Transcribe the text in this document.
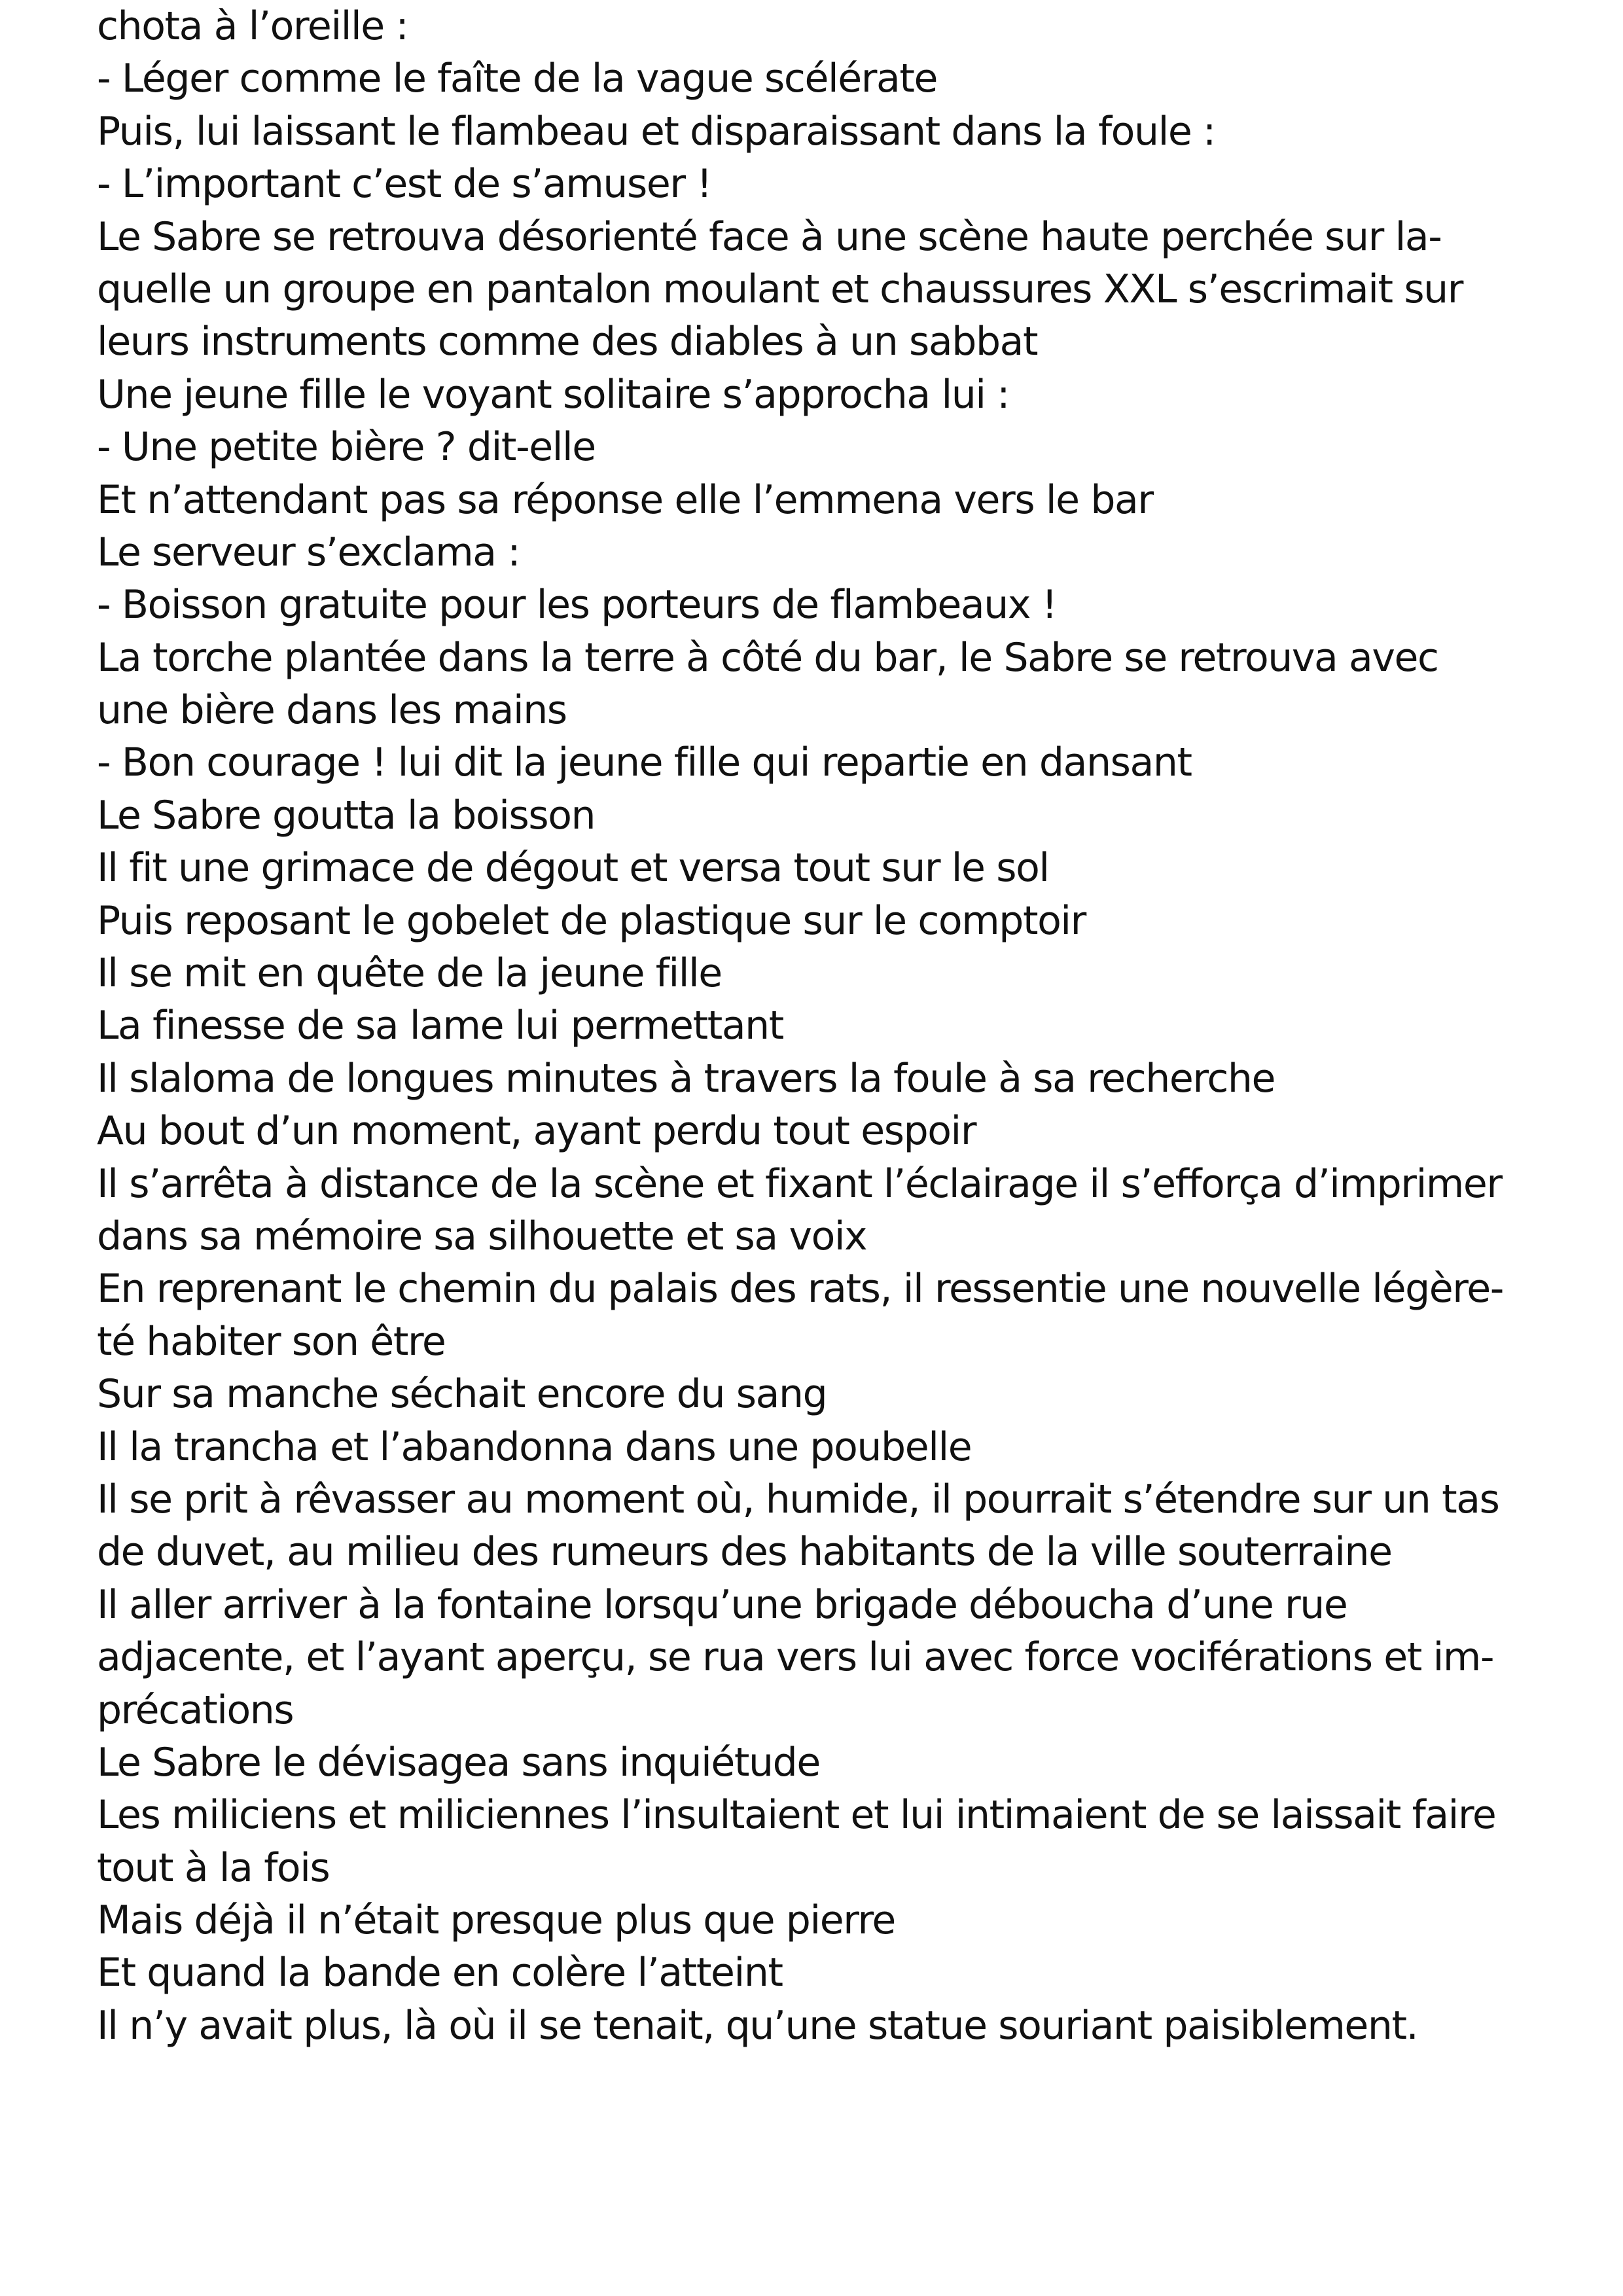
chota à l’oreille :
- Léger comme le faîte de la vague scélérate
Puis, lui laissant le flambeau et disparaissant dans la foule :
- L’important c’est de s’amuser !
Le Sabre se retrouva désorienté face à une scène haute perchée sur la-
quelle un groupe en pantalon moulant et chaussures XXL s’escrimait sur
leurs instruments comme des diables à un sabbat
Une jeune fille le voyant solitaire s’approcha lui :
- Une petite bière ? dit-elle
Et n’attendant pas sa réponse elle l’emmena vers le bar
Le serveur s’exclama :
- Boisson gratuite pour les porteurs de flambeaux !
La torche plantée dans la terre à côté du bar, le Sabre se retrouva avec
une bière dans les mains
- Bon courage ! lui dit la jeune fille qui repartie en dansant
Le Sabre goutta la boisson
Il fit une grimace de dégout et versa tout sur le sol
Puis reposant le gobelet de plastique sur le comptoir
Il se mit en quête de la jeune fille
La finesse de sa lame lui permettant
Il slaloma de longues minutes à travers la foule à sa recherche
Au bout d’un moment, ayant perdu tout espoir
Il s’arrêta à distance de la scène et fixant l’éclairage il s’efforça d’imprimer
dans sa mémoire sa silhouette et sa voix
En reprenant le chemin du palais des rats, il ressentie une nouvelle légère-
té habiter son être
Sur sa manche séchait encore du sang
Il la trancha et l’abandonna dans une poubelle
Il se prit à rêvasser au moment où, humide, il pourrait s’étendre sur un tas
de duvet, au milieu des rumeurs des habitants de la ville souterraine
Il aller arriver à la fontaine lorsqu’une brigade déboucha d’une rue
adjacente, et l’ayant aperçu, se rua vers lui avec force vociférations et im-
précations
Le Sabre le dévisagea sans inquiétude
Les miliciens et miliciennes l’insultaient et lui intimaient de se laissait faire
tout à la fois
Mais déjà il n’était presque plus que pierre
Et quand la bande en colère l’atteint
Il n’y avait plus, là où il se tenait, qu’une statue souriant paisiblement.
